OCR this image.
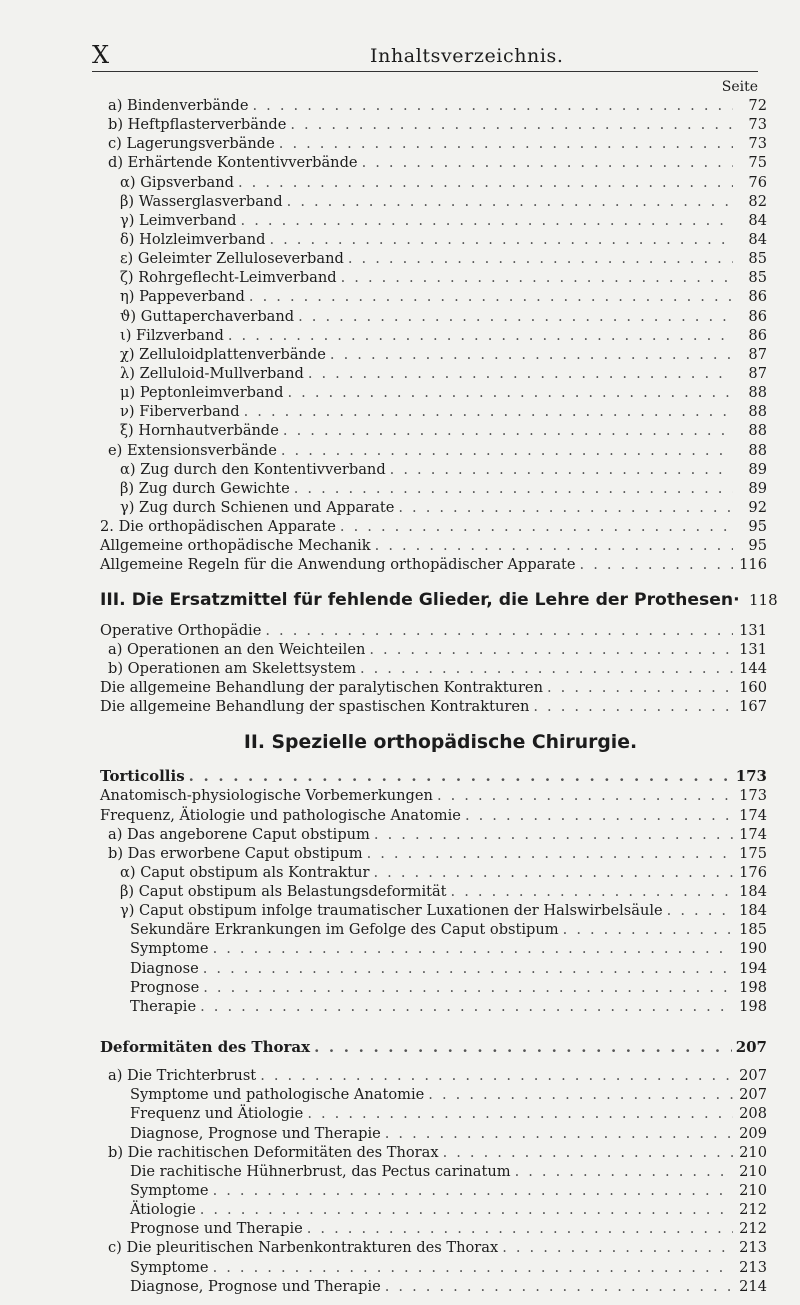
X	Inhaltsverzeichnis.
Seite
a) Bindenverbände . . .	72
b) Heftpflasterverbände . . .	73
c) Lagerungsverbände . . .	73
d) Erhärtende Kontentivverbände . . .	75
α) Gipsverband . . .	76
β) Wasserglasverband . . .	82
γ) Leimverband . . .	84
δ) Holzleimverband . . .	84
ε) Geleimter Zelluloseverband . . .	85
ζ) Rohrgeflecht-Leimverband . . .	85
η) Pappeverband . . .	86
ϑ) Guttaperchaverband . . .	86
ι) Filzverband . . .	86
χ) Zelluloidplattenverbände . . .	87
λ) Zelluloid-Mullverband . . .	87
μ) Peptonleimverband . . .	88
ν) Fiberverband . . .	88
ξ) Hornhautverbände . . .	88
e) Extensionsverbände . . .	88
α) Zug durch den Kontentivverband . . .	89
β) Zug durch Gewichte . . .	89
γ) Zug durch Schienen und Apparate . . .	92
2. Die orthopädischen Apparate . . .	95
Allgemeine orthopädische Mechanik . . .	95
Allgemeine Regeln für die Anwendung orthopädischer Apparate . . .	116
III. Die Ersatzmittel für fehlende Glieder, die Lehre der Prothesen ·	118
Operative Orthopädie . . .	131
a) Operationen an den Weichteilen . . .	131
b) Operationen am Skelettsystem . . .	144
Die allgemeine Behandlung der paralytischen Kontrakturen . . .	160
Die allgemeine Behandlung der spastischen Kontrakturen . . .	167
II. Spezielle orthopädische Chirurgie.
Torticollis . . .	173
Anatomisch-physiologische Vorbemerkungen . . .	173
Frequenz, Ätiologie und pathologische Anatomie . . .	174
a) Das angeborene Caput obstipum . . .	174
b) Das erworbene Caput obstipum . . .	175
α) Caput obstipum als Kontraktur . . .	176
β) Caput obstipum als Belastungsdeformität . . .	184
γ) Caput obstipum infolge traumatischer Luxationen der Halswirbelsäule . . .	184
Sekundäre Erkrankungen im Gefolge des Caput obstipum . . .	185
Symptome . . .	190
Diagnose . . .	194
Prognose . . .	198
Therapie . . .	198
Deformitäten des Thorax . . .	207
a) Die Trichterbrust . . .	207
Symptome und pathologische Anatomie . . .	207
Frequenz und Ätiologie . . .	208
Diagnose, Prognose und Therapie . . .	209
b) Die rachitischen Deformitäten des Thorax . . .	210
Die rachitische Hühnerbrust, das Pectus carinatum . . .	210
Symptome . . .	210
Ätiologie . . .	212
Prognose und Therapie . . .	212
c) Die pleuritischen Narbenkontrakturen des Thorax . . .	213
Symptome . . .	213
Diagnose, Prognose und Therapie . . .	214
